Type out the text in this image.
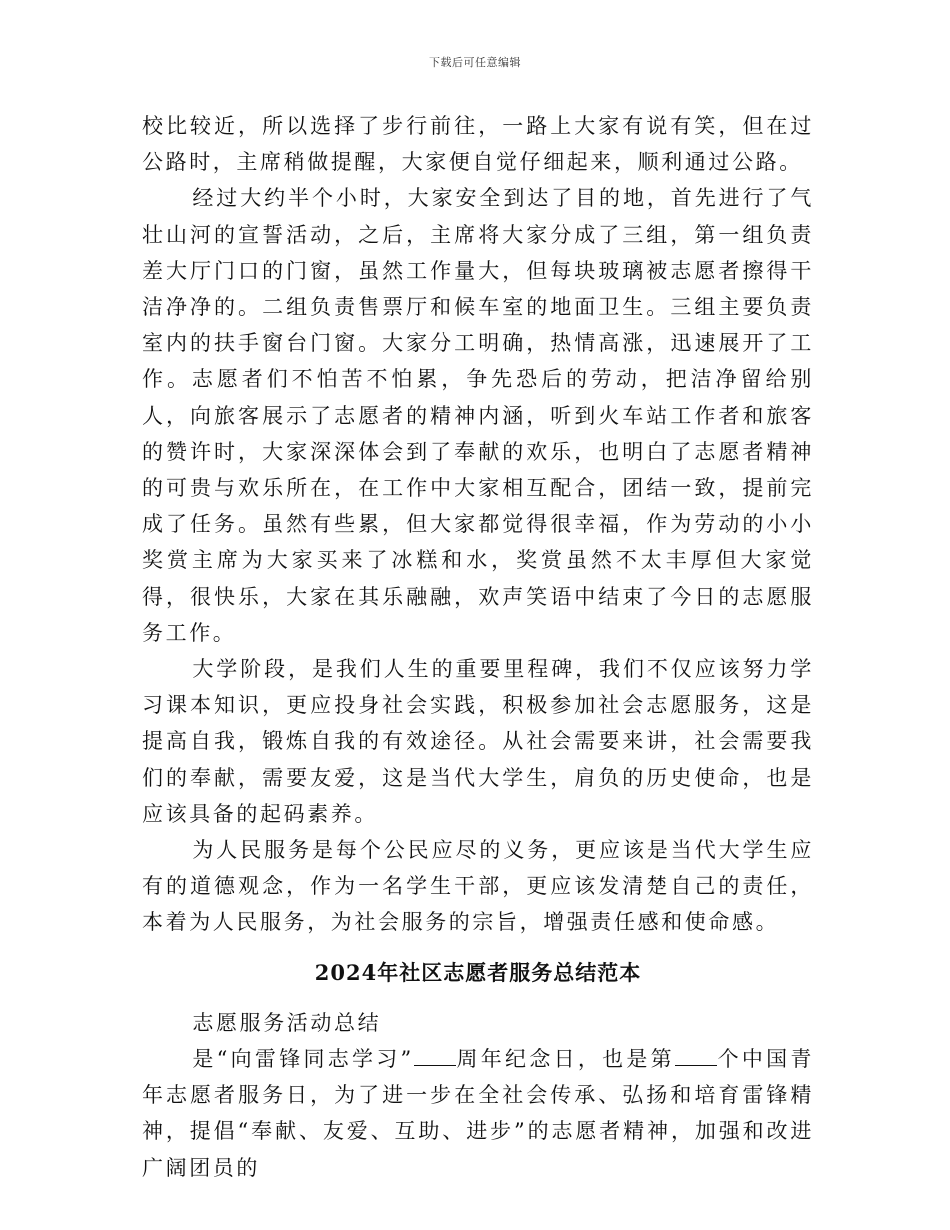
下载后可任意编辑

校比较近，所以选择了步行前往，一路上大家有说有笑，但在过公路时，主席稍做提醒，大家便自觉仔细起来，顺利通过公路。

经过大约半个小时，大家安全到达了目的地，首先进行了气壮山河的宣誓活动，之后，主席将大家分成了三组，第一组负责差大厅门口的门窗，虽然工作量大，但每块玻璃被志愿者擦得干洁净净的。二组负责售票厅和候车室的地面卫生。三组主要负责室内的扶手窗台门窗。大家分工明确，热情高涨，迅速展开了工作。志愿者们不怕苦不怕累，争先恐后的劳动，把洁净留给别人，向旅客展示了志愿者的精神内涵，听到火车站工作者和旅客的赞许时，大家深深体会到了奉献的欢乐，也明白了志愿者精神的可贵与欢乐所在，在工作中大家相互配合，团结一致，提前完成了任务。虽然有些累，但大家都觉得很幸福，作为劳动的小小奖赏主席为大家买来了冰糕和水，奖赏虽然不太丰厚但大家觉得，很快乐，大家在其乐融融，欢声笑语中结束了今日的志愿服务工作。

大学阶段，是我们人生的重要里程碑，我们不仅应该努力学习课本知识，更应投身社会实践，积极参加社会志愿服务，这是提高自我，锻炼自我的有效途径。从社会需要来讲，社会需要我们的奉献，需要友爱，这是当代大学生，肩负的历史使命，也是应该具备的起码素养。

为人民服务是每个公民应尽的义务，更应该是当代大学生应有的道德观念，作为一名学生干部，更应该发清楚自己的责任，本着为人民服务，为社会服务的宗旨，增强责任感和使命感。

2024年社区志愿者服务总结范本

志愿服务活动总结

是“向雷锋同志学习” 周年纪念日，也是第 个中国青年志愿者服务日，为了进一步在全社会传承、弘扬和培育雷锋精神，提倡“奉献、友爱、互助、进步”的志愿者精神，加强和改进广阔团员的
